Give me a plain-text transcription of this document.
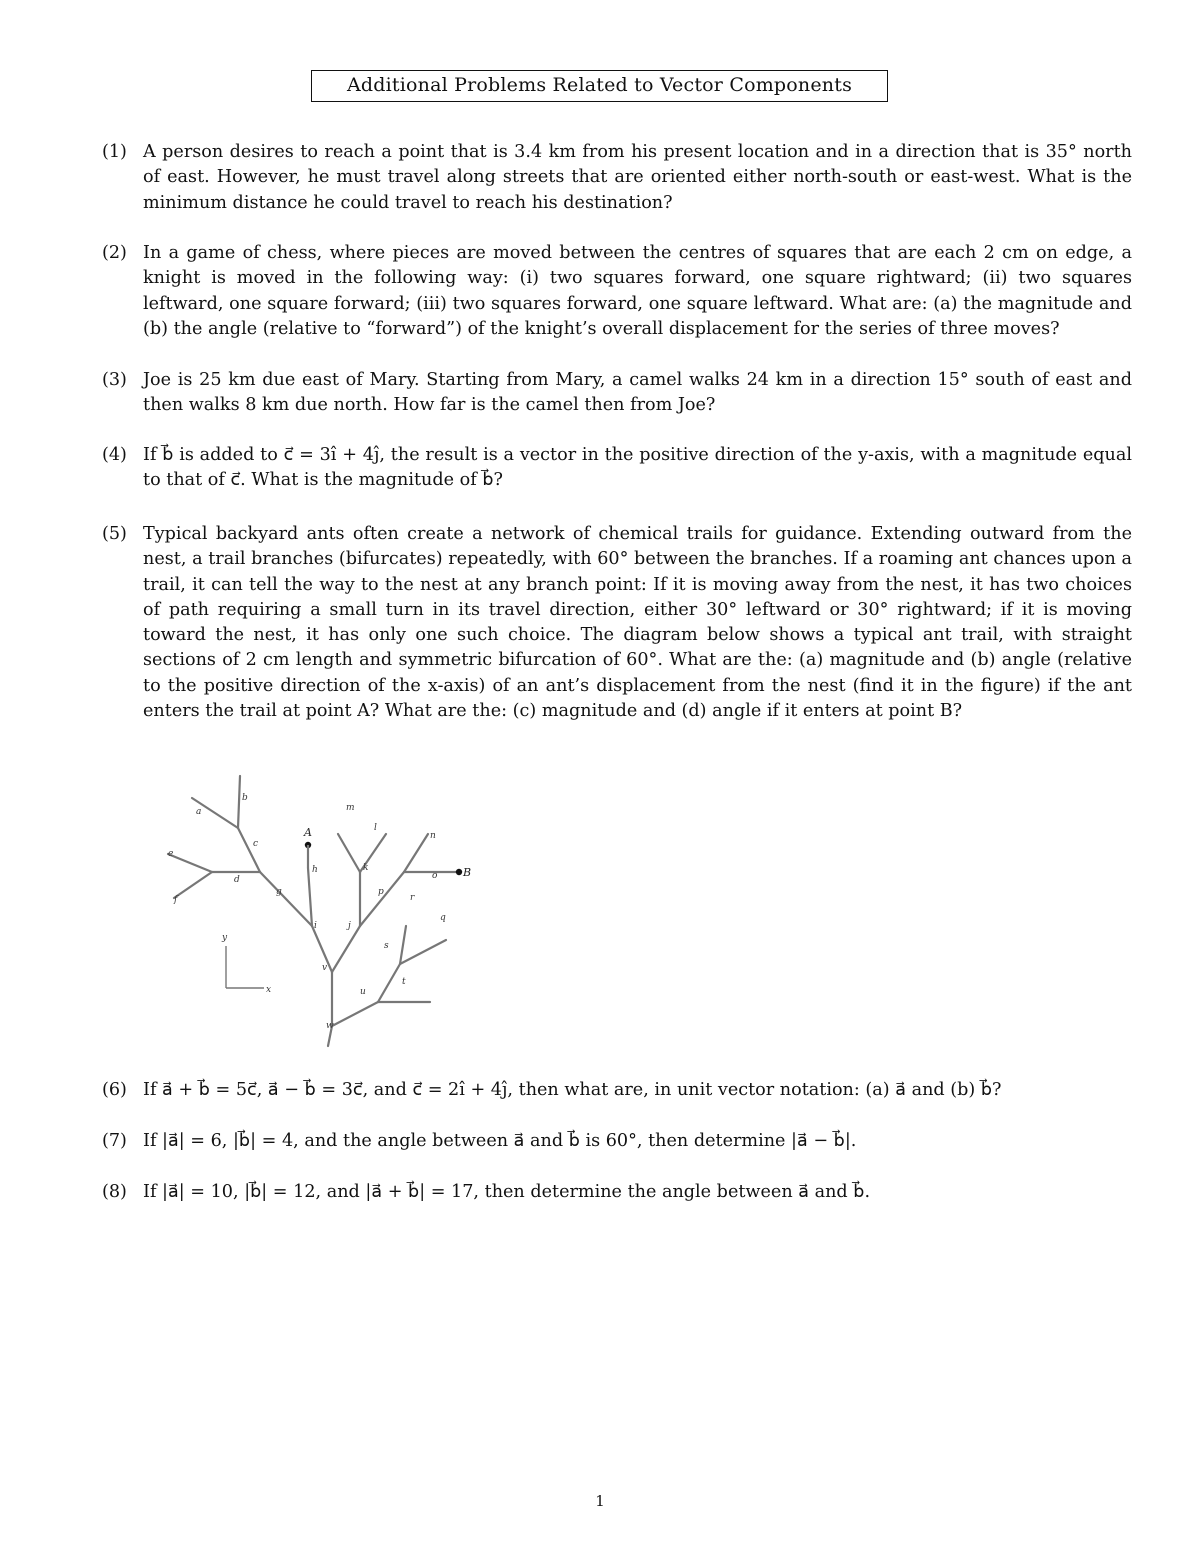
Additional Problems Related to Vector Components
(1) A person desires to reach a point that is 3.4 km from his present location and in a direction that is 35° north of east. However, he must travel along streets that are oriented either north-south or east-west. What is the minimum distance he could travel to reach his destination?
(2) In a game of chess, where pieces are moved between the centres of squares that are each 2 cm on edge, a knight is moved in the following way: (i) two squares forward, one square rightward; (ii) two squares leftward, one square forward; (iii) two squares forward, one square leftward. What are: (a) the magnitude and (b) the angle (relative to “forward”) of the knight’s overall displacement for the series of three moves?
(3) Joe is 25 km due east of Mary. Starting from Mary, a camel walks 24 km in a direction 15° south of east and then walks 8 km due north. How far is the camel then from Joe?
(4) If b⃗ is added to c⃗ = 3î + 4ĵ, the result is a vector in the positive direction of the y-axis, with a magnitude equal to that of c⃗. What is the magnitude of b⃗?
(5) Typical backyard ants often create a network of chemical trails for guidance. Extending outward from the nest, a trail branches (bifurcates) repeatedly, with 60° between the branches. If a roaming ant chances upon a trail, it can tell the way to the nest at any branch point: If it is moving away from the nest, it has two choices of path requiring a small turn in its travel direction, either 30° leftward or 30° rightward; if it is moving toward the nest, it has only one such choice. The diagram below shows a typical ant trail, with straight sections of 2 cm length and symmetric bifurcation of 60°. What are the: (a) magnitude and (b) angle (relative to the positive direction of the x-axis) of an ant’s displacement from the nest (find it in the figure) if the ant enters the trail at point A? What are the: (c) magnitude and (d) angle if it enters at point B?
A
B
y
x
a
b
c
d
e
f
g
h
i	j
k
l
m
n
o
p
q
r
s
t
u
v
w
(6) If a⃗ + b⃗ = 5c⃗, a⃗ − b⃗ = 3c⃗, and c⃗ = 2î + 4ĵ, then what are, in unit vector notation: (a) a⃗ and (b) b⃗?
(7) If |a⃗| = 6, |b⃗| = 4, and the angle between a⃗ and b⃗ is 60°, then determine |a⃗ − b⃗|.
(8) If |a⃗| = 10, |b⃗| = 12, and |a⃗ + b⃗| = 17, then determine the angle between a⃗ and b⃗.
1
